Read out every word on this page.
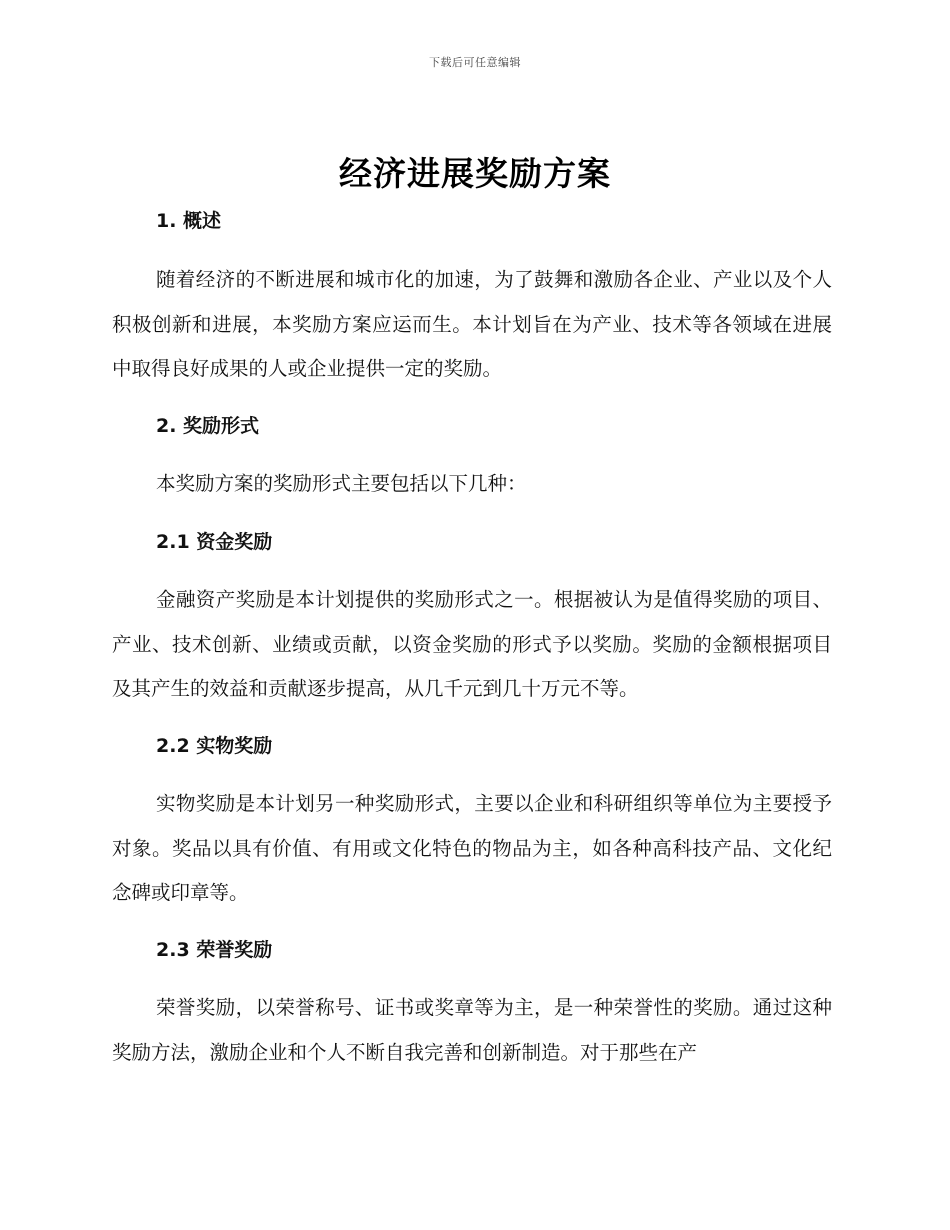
下载后可任意编辑
经济进展奖励方案
1. 概述

随着经济的不断进展和城市化的加速，为了鼓舞和激励各企业、产业以及个人积极创新和进展，本奖励方案应运而生。本计划旨在为产业、技术等各领域在进展中取得良好成果的人或企业提供一定的奖励。

2. 奖励形式

本奖励方案的奖励形式主要包括以下几种：

2.1 资金奖励

金融资产奖励是本计划提供的奖励形式之一。根据被认为是值得奖励的项目、产业、技术创新、业绩或贡献，以资金奖励的形式予以奖励。奖励的金额根据项目及其产生的效益和贡献逐步提高，从几千元到几十万元不等。

2.2 实物奖励

实物奖励是本计划另一种奖励形式，主要以企业和科研组织等单位为主要授予对象。奖品以具有价值、有用或文化特色的物品为主，如各种高科技产品、文化纪念碑或印章等。

2.3 荣誉奖励

荣誉奖励，以荣誉称号、证书或奖章等为主，是一种荣誉性的奖励。通过这种奖励方法，激励企业和个人不断自我完善和创新制造。对于那些在产
